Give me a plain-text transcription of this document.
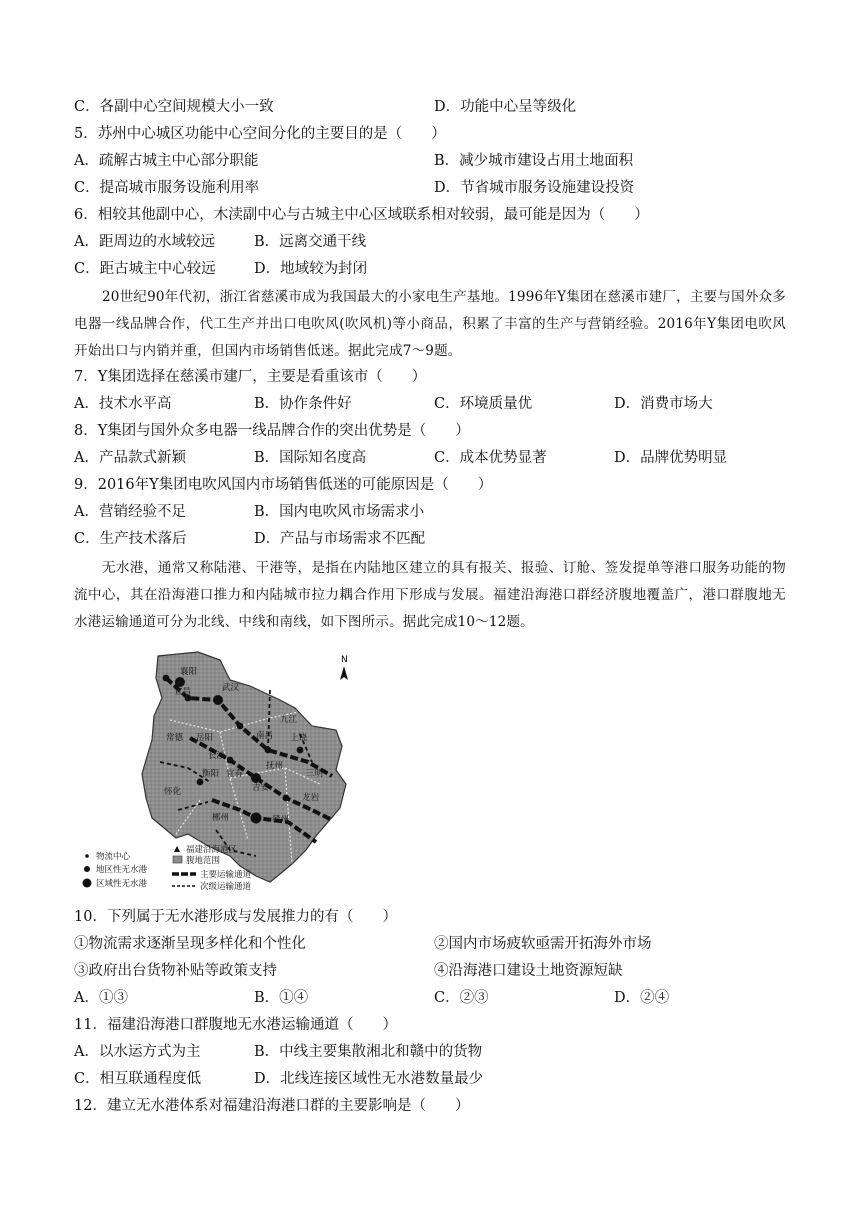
C．各副中心空间规模大小一致	D．功能中心呈等级化
5．苏州中心城区功能中心空间分化的主要目的是（　　）
A．疏解古城主中心部分职能	B．减少城市建设占用土地面积
C．提高城市服务设施利用率	D．节省城市服务设施建设投资
6．相较其他副中心，木渎副中心与古城主中心区域联系相对较弱，最可能是因为（　　）
A．距周边的水域较远	B．远离交通干线
C．距古城主中心较远	D．地域较为封闭
20世纪90年代初，浙江省慈溪市成为我国最大的小家电生产基地。1996年Y集团在慈溪市建厂，主要与国外众多电器一线品牌合作，代工生产并出口电吹风(吹风机)等小商品，积累了丰富的生产与营销经验。2016年Y集团电吹风开始出口与内销并重，但国内市场销售低迷。据此完成7～9题。
7．Y集团选择在慈溪市建厂，主要是看重该市（　　）
A．技术水平高	B．协作条件好	C．环境质量优	D．消费市场大
8．Y集团与国外众多电器一线品牌合作的突出优势是（　　）
A．产品款式新颖	B．国际知名度高	C．成本优势显著	D．品牌优势明显
9．2016年Y集团电吹风国内市场销售低迷的可能原因是（　　）
A．营销经验不足	B．国内电吹风市场需求小
C．生产技术落后	D．产品与市场需求不匹配
无水港，通常又称陆港、干港等，是指在内陆地区建立的具有报关、报验、订舱、签发提单等港口服务功能的物流中心，其在沿海港口推力和内陆城市拉力耦合作用下形成与发展。福建沿海港口群经济腹地覆盖广，港口群腹地无水港运输通道可分为北线、中线和南线，如下图所示。据此完成10～12题。
襄阳
宜昌	武汉
常德 岳阳	南昌
九江
上饶
长沙
抚州
三明
衡阳 宜春
吉安
怀化
郴州	赣州
龙岩
N
物流中心
地区性无水港
区域性无水港
福建沿海港区
腹地范围
主要运输通道
次级运输通道
10．下列属于无水港形成与发展推力的有（　　）
①物流需求逐渐呈现多样化和个性化	②国内市场疲软亟需开拓海外市场
③政府出台货物补贴等政策支持	④沿海港口建设土地资源短缺
A．①③	B．①④	C．②③	D．②④
11．福建沿海港口群腹地无水港运输通道（　　）
A．以水运方式为主	B．中线主要集散湘北和赣中的货物
C．相互联通程度低	D．北线连接区域性无水港数量最少
12．建立无水港体系对福建沿海港口群的主要影响是（　　）
